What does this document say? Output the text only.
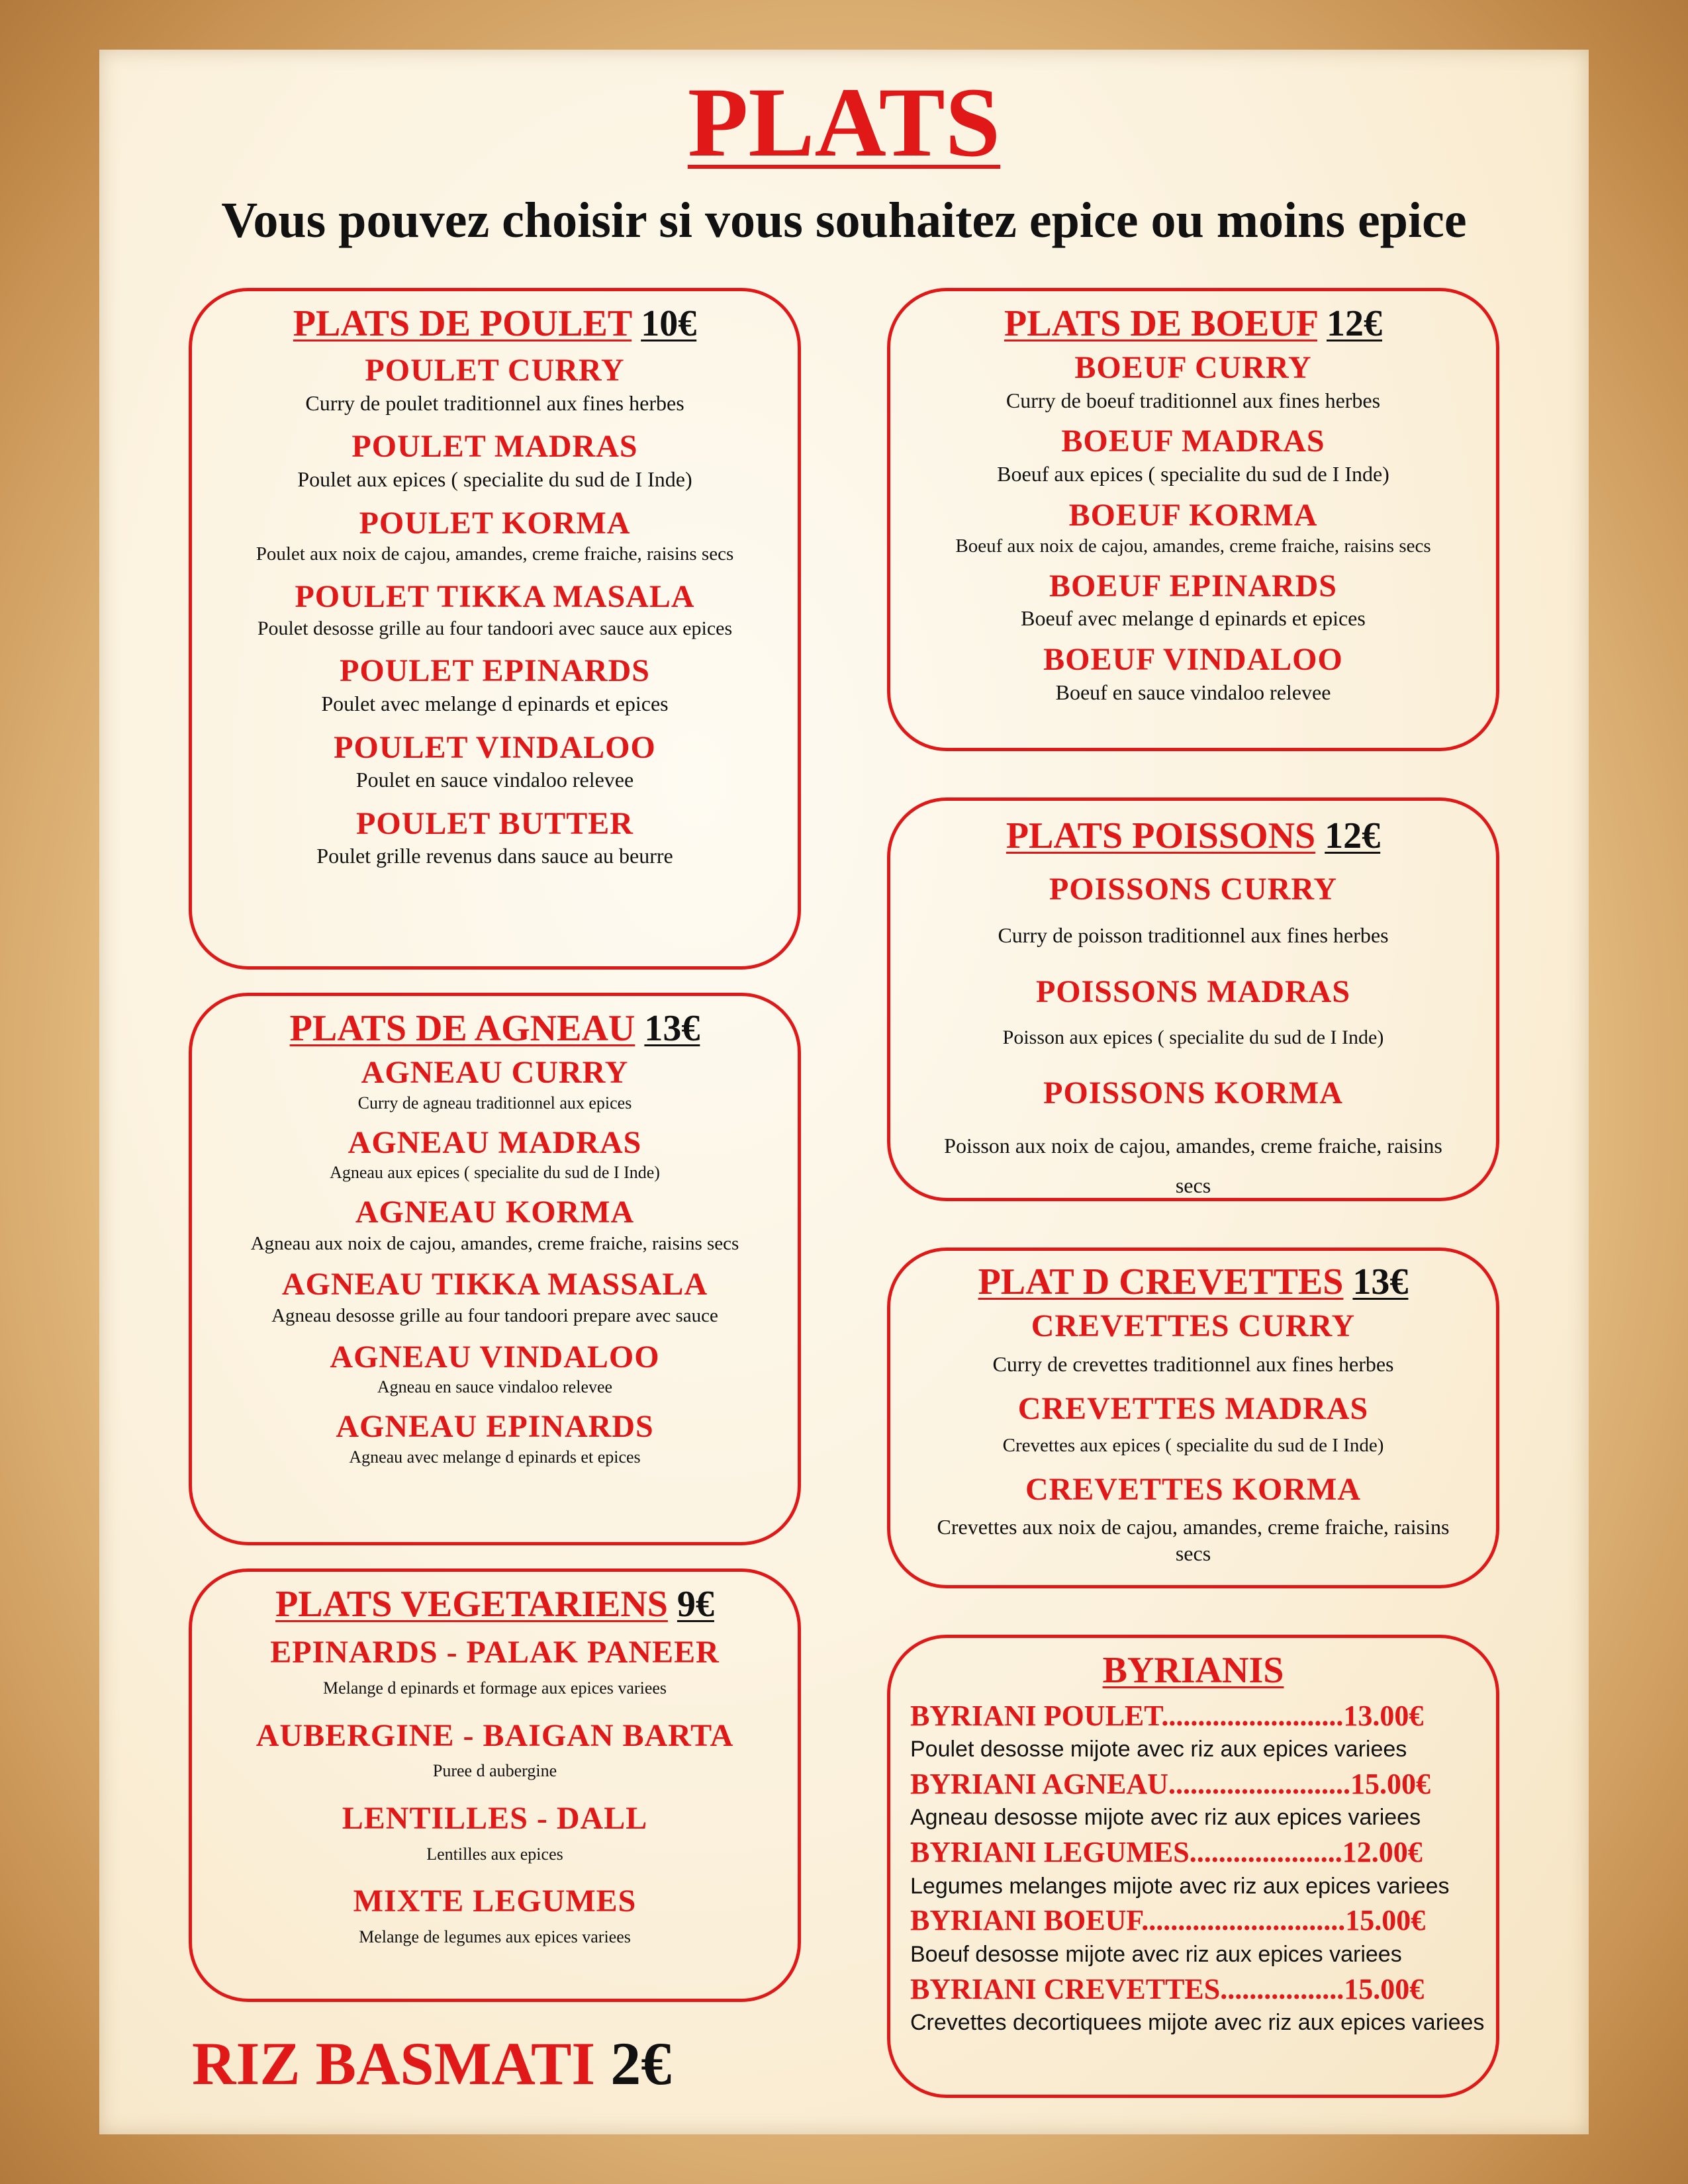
PLATS
Vous pouvez choisir si vous souhaitez epice ou moins epice
PLATS DE POULET 10€
POULET CURRY
Curry de poulet traditionnel aux fines herbes
POULET MADRAS
Poulet aux epices ( specialite du sud de I Inde)
POULET KORMA
Poulet aux noix de cajou, amandes, creme fraiche, raisins secs
POULET TIKKA MASALA
Poulet desosse grille au four tandoori avec sauce aux epices
POULET EPINARDS
Poulet avec melange d epinards et epices
POULET VINDALOO
Poulet en sauce vindaloo relevee
POULET BUTTER
Poulet grille revenus dans sauce au beurre
PLATS DE AGNEAU 13€
AGNEAU CURRY
Curry de agneau traditionnel aux epices
AGNEAU MADRAS
Agneau aux epices ( specialite du sud de I Inde)
AGNEAU KORMA
Agneau aux noix de cajou, amandes, creme fraiche, raisins secs
AGNEAU TIKKA MASSALA
Agneau desosse grille au four tandoori prepare avec sauce
AGNEAU VINDALOO
Agneau en sauce vindaloo relevee
AGNEAU EPINARDS
Agneau avec melange d epinards et epices
PLATS VEGETARIENS 9€
EPINARDS - PALAK PANEER
Melange d epinards et formage aux epices variees
AUBERGINE - BAIGAN BARTA
Puree d aubergine
LENTILLES - DALL
Lentilles aux epices
MIXTE LEGUMES
Melange de legumes aux epices variees
RIZ BASMATI 2€
PLATS DE BOEUF 12€
BOEUF CURRY
Curry de boeuf traditionnel aux fines herbes
BOEUF MADRAS
Boeuf aux epices ( specialite du sud de I Inde)
BOEUF KORMA
Boeuf aux noix de cajou, amandes, creme fraiche, raisins secs
BOEUF EPINARDS
Boeuf avec melange d epinards et epices
BOEUF VINDALOO
Boeuf en sauce vindaloo relevee
PLATS POISSONS 12€
POISSONS CURRY
Curry de poisson traditionnel aux fines herbes
POISSONS MADRAS
Poisson aux epices ( specialite du sud de I Inde)
POISSONS KORMA
Poisson aux noix de cajou, amandes, creme fraiche, raisins secs
PLAT D CREVETTES 13€
CREVETTES CURRY
Curry de crevettes traditionnel aux fines herbes
CREVETTES MADRAS
Crevettes aux epices ( specialite du sud de I Inde)
CREVETTES KORMA
Crevettes aux noix de cajou, amandes, creme fraiche, raisins secs
BYRIANIS
BYRIANI POULET.........................13.00€
Poulet desosse mijote avec riz aux epices variees
BYRIANI AGNEAU.........................15.00€
Agneau desosse mijote avec riz aux epices variees
BYRIANI LEGUMES.....................12.00€
Legumes melanges mijote avec riz aux epices variees
BYRIANI BOEUF............................15.00€
Boeuf desosse mijote avec riz aux epices variees
BYRIANI CREVETTES.................15.00€
Crevettes decortiquees mijote avec riz aux epices variees
